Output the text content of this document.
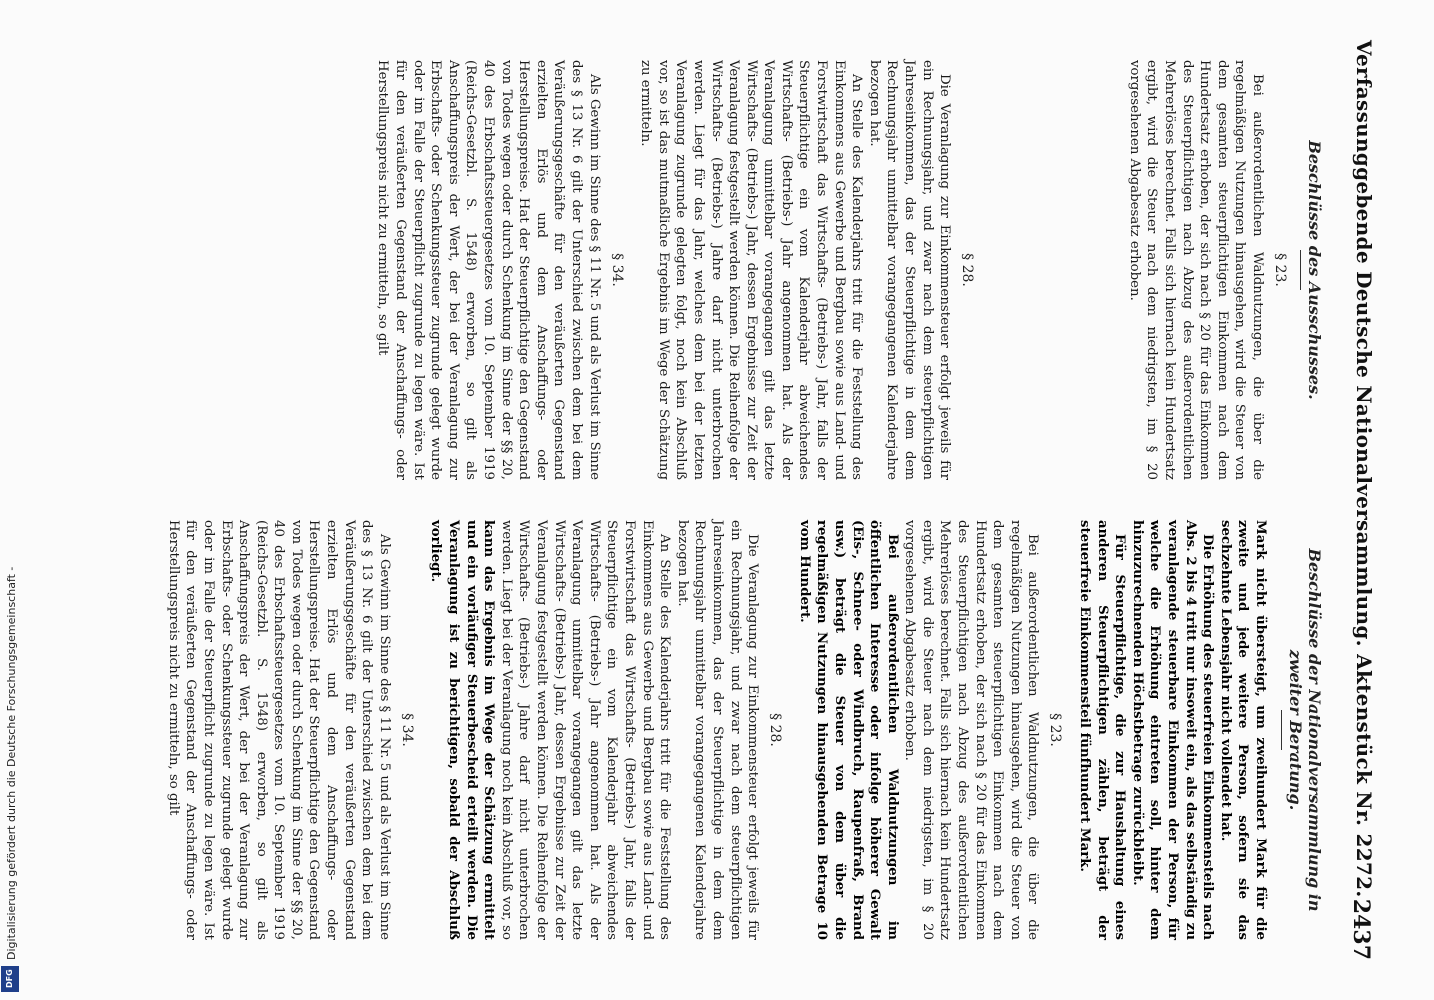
Verfassunggebende Deutsche Nationalversammlung. Aktenstück Nr. 2272.
2437
Beschlüsse des Ausschusses.
§ 23.

Bei außerordentlichen Waldnutzungen, die über die regelmäßigen Nutzungen hinausgehen, wird die Steuer von dem gesamten steuerpflichtigen Einkommen nach dem Hundertsatz erhoben, der sich nach § 20 für das Einkommen des Steuerpflichtigen nach Abzug des außerordentlichen Mehrerlöses berechnet. Falls sich hiernach kein Hundertsatz ergibt, wird die Steuer nach dem niedrigsten, im § 20 vorgesehenen Abgabesatz erhoben.

§ 28.

Die Veranlagung zur Einkommensteuer erfolgt jeweils für ein Rechnungsjahr, und zwar nach dem steuerpflichtigen Jahreseinkommen, das der Steuerpflichtige in dem dem Rechnungsjahr unmittelbar vorangegangenen Kalenderjahre bezogen hat.

An Stelle des Kalenderjahrs tritt für die Feststellung des Einkommens aus Gewerbe und Bergbau sowie aus Land- und Forstwirtschaft das Wirtschafts- (Betriebs-) Jahr, falls der Steuerpflichtige ein vom Kalenderjahr abweichendes Wirtschafts- (Betriebs-) Jahr angenommen hat. Als der Veranlagung unmittelbar vorangegangen gilt das letzte Wirtschafts- (Betriebs-) Jahr, dessen Ergebnisse zur Zeit der Veranlagung festgestellt werden können. Die Reihenfolge der Wirtschafts- (Betriebs-) Jahre darf nicht unterbrochen werden. Liegt für das Jahr, welches dem bei der letzten Veranlagung zugrunde gelegten folgt, noch kein Abschluß vor, so ist das mutmaßliche Ergebnis im Wege der Schätzung zu ermitteln.

§ 34.

Als Gewinn im Sinne des § 11 Nr. 5 und als Verlust im Sinne des § 13 Nr. 6 gilt der Unterschied zwischen dem bei dem Veräußerungsgeschäfte für den veräußerten Gegenstand erzielten Erlös und dem Anschaffungs- oder Herstellungspreise. Hat der Steuerpflichtige den Gegenstand von Todes wegen oder durch Schenkung im Sinne der §§ 20, 40 des Erbschaftssteuergesetzes vom 10. September 1919 (Reichs-Gesetzbl. S. 1548) erworben, so gilt als Anschaffungspreis der Wert, der bei der Veranlagung zur Erbschafts- oder Schenkungssteuer zugrunde gelegt wurde oder im Falle der Steuerpflicht zugrunde zu legen wäre. Ist für den veräußerten Gegenstand der Anschaffungs- oder Herstellungspreis nicht zu ermitteln, so gilt

Beschlüsse der Nationalversammlung in zweiter Beratung.

Mark nicht übersteigt, um zweihundert Mark für die zweite und jede weitere Person, sofern sie das sechzehnte Lebensjahr nicht vollendet hat.

Die Erhöhung des steuerfreien Einkommensteils nach Abs. 2 bis 4 tritt nur insoweit ein, als das selbständig zu veranlagende steuerbare Einkommen der Person, für welche die Erhöhung eintreten soll, hinter dem hinzuzurechnenden Höchstbetrage zurückbleibt.

Für Steuerpflichtige, die zur Haushaltung eines anderen Steuerpflichtigen zählen, beträgt der steuerfreie Einkommensteil fünfhundert Mark.

§ 23.

Bei außerordentlichen Waldnutzungen, die über die regelmäßigen Nutzungen hinausgehen, wird die Steuer von dem gesamten steuerpflichtigen Einkommen nach dem Hundertsatz erhoben, der sich nach § 20 für das Einkommen des Steuerpflichtigen nach Abzug des außerordentlichen Mehrerlöses berechnet. Falls sich hiernach kein Hundertsatz ergibt, wird die Steuer nach dem niedrigsten, im § 20 vorgesehenen Abgabesatz erhoben.

Bei außerordentlichen Waldnutzungen im öffentlichen Interesse oder infolge höherer Gewalt (Eis-, Schnee- oder Windbruch, Raupenfraß, Brand usw.) beträgt die Steuer von dem über die regelmäßigen Nutzungen hinausgehenden Betrage 10 vom Hundert.

§ 28.

Die Veranlagung zur Einkommensteuer erfolgt jeweils für ein Rechnungsjahr, und zwar nach dem steuerpflichtigen Jahreseinkommen, das der Steuerpflichtige in dem dem Rechnungsjahr unmittelbar vorangegangenen Kalenderjahre bezogen hat.

An Stelle des Kalenderjahrs tritt für die Feststellung des Einkommens aus Gewerbe und Bergbau sowie aus Land- und Forstwirtschaft das Wirtschafts- (Betriebs-) Jahr, falls der Steuerpflichtige ein vom Kalenderjahr abweichendes Wirtschafts- (Betriebs-) Jahr angenommen hat. Als der Veranlagung unmittelbar vorangegangen gilt das letzte Wirtschafts- (Betriebs-) Jahr, dessen Ergebnisse zur Zeit der Veranlagung festgestellt werden können. Die Reihenfolge der Wirtschafts- (Betriebs-) Jahre darf nicht unterbrochen werden. Liegt bei der Veranlagung noch kein Abschluß vor, so kann das Ergebnis im Wege der Schätzung ermittelt und ein vorläufiger Steuerbescheid erteilt werden. Die Veranlagung ist zu berichtigen, sobald der Abschluß vorliegt.

§ 34.

Als Gewinn im Sinne des § 11 Nr. 5 und als Verlust im Sinne des § 13 Nr. 6 gilt der Unterschied zwischen dem bei dem Veräußerungsgeschäfte für den veräußerten Gegenstand erzielten Erlös und dem Anschaffungs- oder Herstellungspreise. Hat der Steuerpflichtige den Gegenstand von Todes wegen oder durch Schenkung im Sinne der §§ 20, 40 des Erbschaftssteuergesetzes vom 10. September 1919 (Reichs-Gesetzbl. S. 1548) erworben, so gilt als Anschaffungspreis der Wert, der bei der Veranlagung zur Erbschafts- oder Schenkungssteuer zugrunde gelegt wurde oder im Falle der Steuerpflicht zugrunde zu legen wäre. Ist für den veräußerten Gegenstand der Anschaffungs- oder Herstellungspreis nicht zu ermitteln, so gilt

Digitalisierung gefördert durch die Deutsche Forschungsgemeinschaft -
DFG
